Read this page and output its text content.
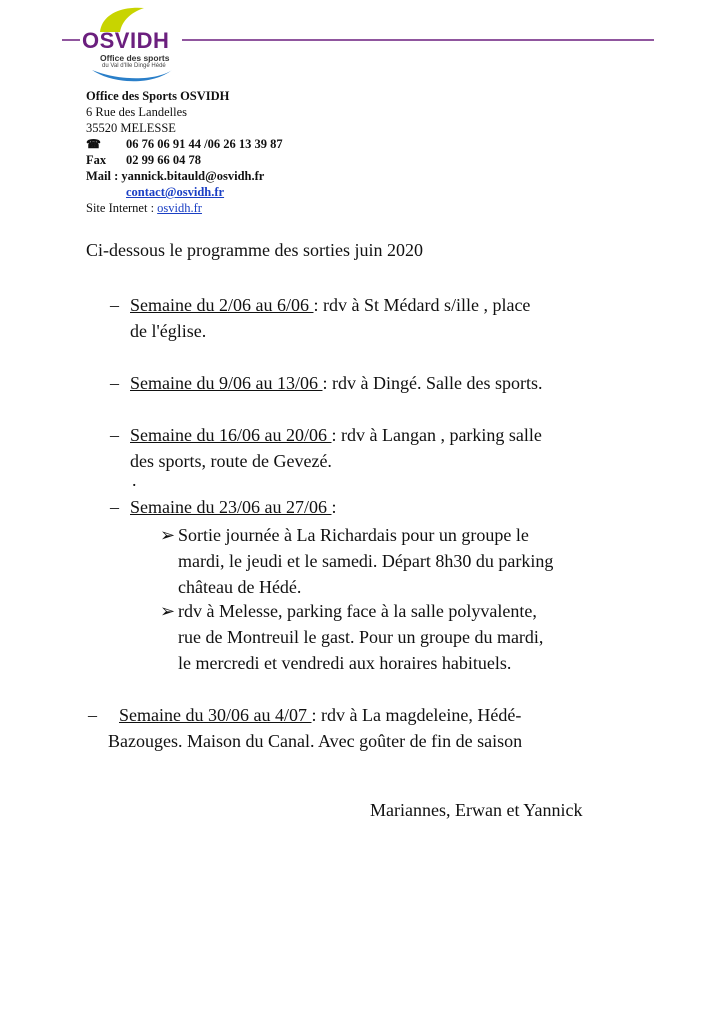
OSVIDH
Office des sports
du Val d'Ille Dingé Hédé
Office des Sports OSVIDH
6 Rue des Landelles
35520 MELESSE
☎ 06 76 06 91 44 /06 26 13 39 87
Fax 02 99 66 04 78
Mail : yannick.bitauld@osvidh.fr
contact@osvidh.fr
Site Internet : osvidh.fr
Ci-dessous le programme des sorties juin 2020
– Semaine du 2/06 au 6/06 : rdv à St Médard s/ille , place
de l'église.
– Semaine du 9/06 au 13/06 : rdv à Dingé. Salle des sports.
– Semaine du 16/06 au 20/06 : rdv à Langan , parking salle
des sports, route de Gevezé.
.
– Semaine du 23/06 au 27/06 :
➢ Sortie journée à La Richardais pour un groupe le
mardi, le jeudi et le samedi. Départ 8h30 du parking
château de Hédé.
➢ rdv à Melesse, parking face à la salle polyvalente,
rue de Montreuil le gast. Pour un groupe du mardi,
le mercredi et vendredi aux horaires habituels.
–	Semaine du 30/06 au 4/07 : rdv à La magdeleine, Hédé-
Bazouges. Maison du Canal. Avec goûter de fin de saison
Mariannes, Erwan et Yannick
